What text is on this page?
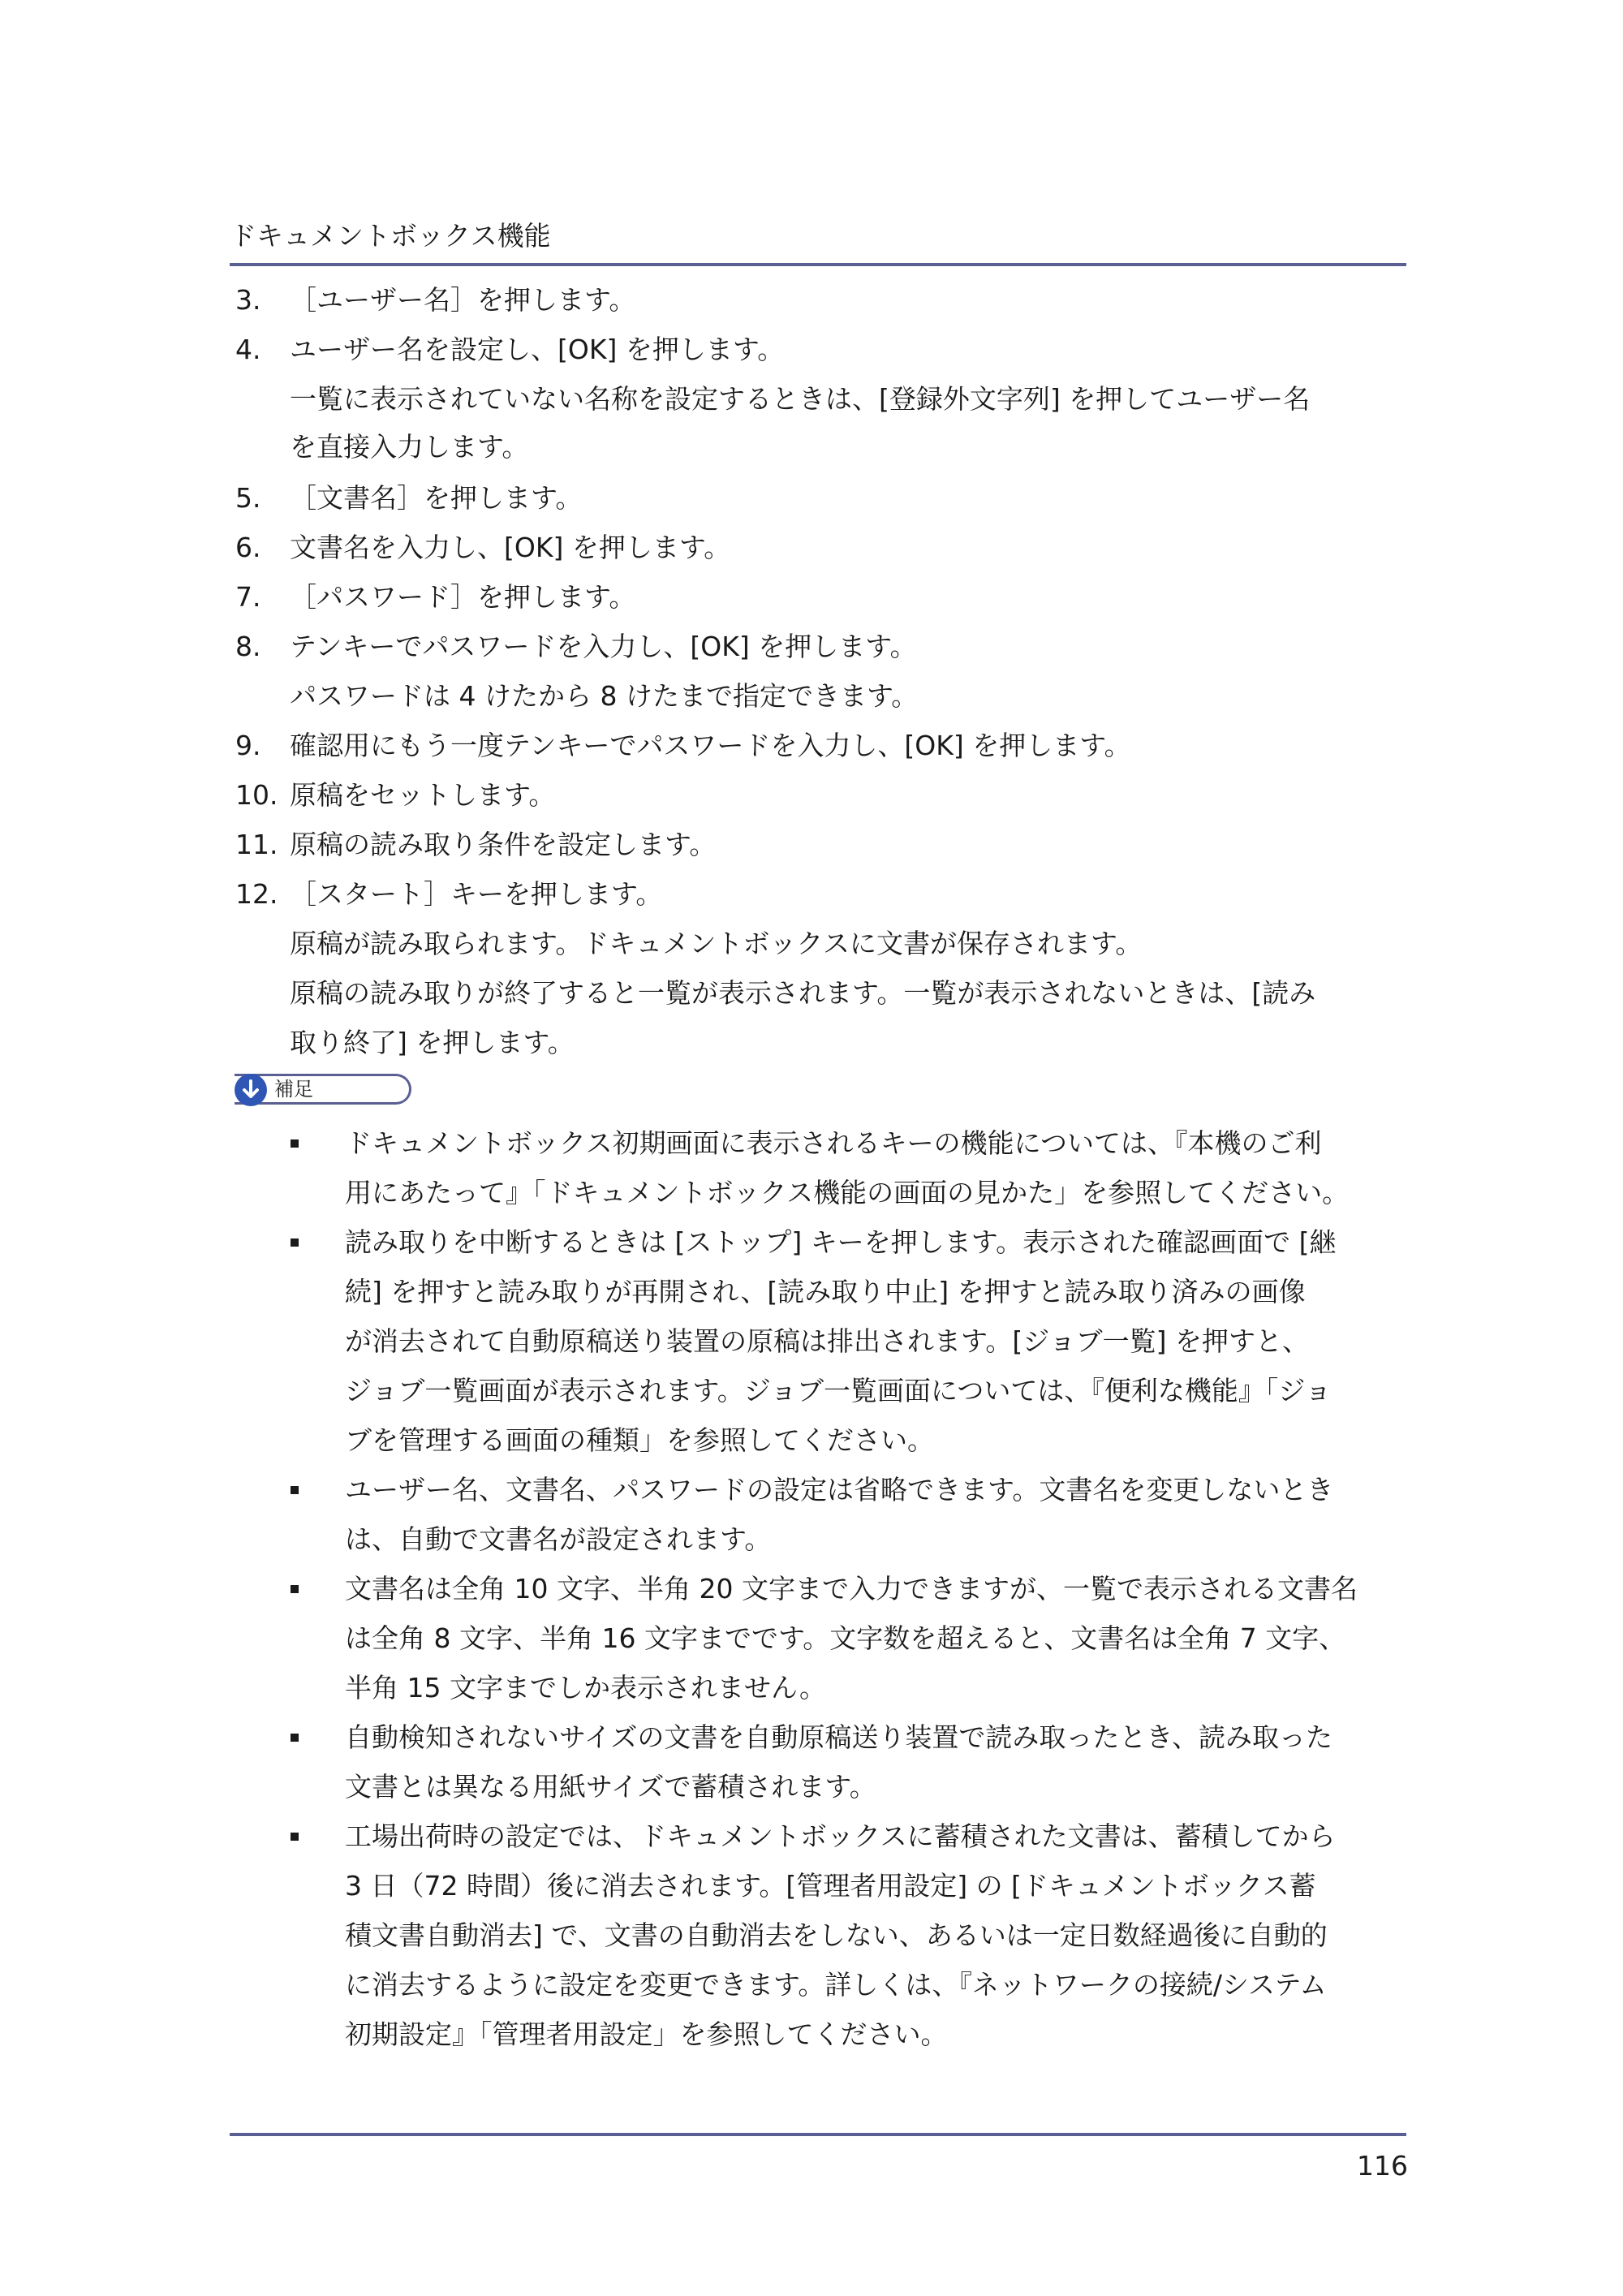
ドキュメントボックス機能
3. ［ユーザー名］を押します。
4. ユーザー名を設定し、[OK] を押します。
一覧に表示されていない名称を設定するときは、[登録外文字列] を押してユーザー名
を直接入力します。
5. ［文書名］を押します。
6. 文書名を入力し、[OK] を押します。
7. ［パスワード］を押します。
8. テンキーでパスワードを入力し、[OK] を押します。
パスワードは 4 けたから 8 けたまで指定できます。
9. 確認用にもう一度テンキーでパスワードを入力し、[OK] を押します。
10. 原稿をセットします。
11. 原稿の読み取り条件を設定します。
12. ［スタート］キーを押します。
原稿が読み取られます。ドキュメントボックスに文書が保存されます。
原稿の読み取りが終了すると一覧が表示されます。一覧が表示されないときは、[読み
取り終了] を押します。
補足
ドキュメントボックス初期画面に表示されるキーの機能については、『本機のご利
用にあたって』「ドキュメントボックス機能の画面の見かた」を参照してください。
読み取りを中断するときは [ストップ] キーを押します。表示された確認画面で [継
続] を押すと読み取りが再開され、[読み取り中止] を押すと読み取り済みの画像
が消去されて自動原稿送り装置の原稿は排出されます。[ジョブ一覧] を押すと、
ジョブ一覧画面が表示されます。ジョブ一覧画面については、『便利な機能』「ジョ
ブを管理する画面の種類」を参照してください。
ユーザー名、文書名、パスワードの設定は省略できます。文書名を変更しないとき
は、自動で文書名が設定されます。
文書名は全角 10 文字、半角 20 文字まで入力できますが、一覧で表示される文書名
は全角 8 文字、半角 16 文字までです。文字数を超えると、文書名は全角 7 文字、
半角 15 文字までしか表示されません。
自動検知されないサイズの文書を自動原稿送り装置で読み取ったとき、読み取った
文書とは異なる用紙サイズで蓄積されます。
工場出荷時の設定では、ドキュメントボックスに蓄積された文書は、蓄積してから
3 日（72 時間）後に消去されます。[管理者用設定] の [ドキュメントボックス蓄
積文書自動消去] で、文書の自動消去をしない、あるいは一定日数経過後に自動的
に消去するように設定を変更できます。詳しくは、『ネットワークの接続/システム
初期設定』「管理者用設定」を参照してください。
116
